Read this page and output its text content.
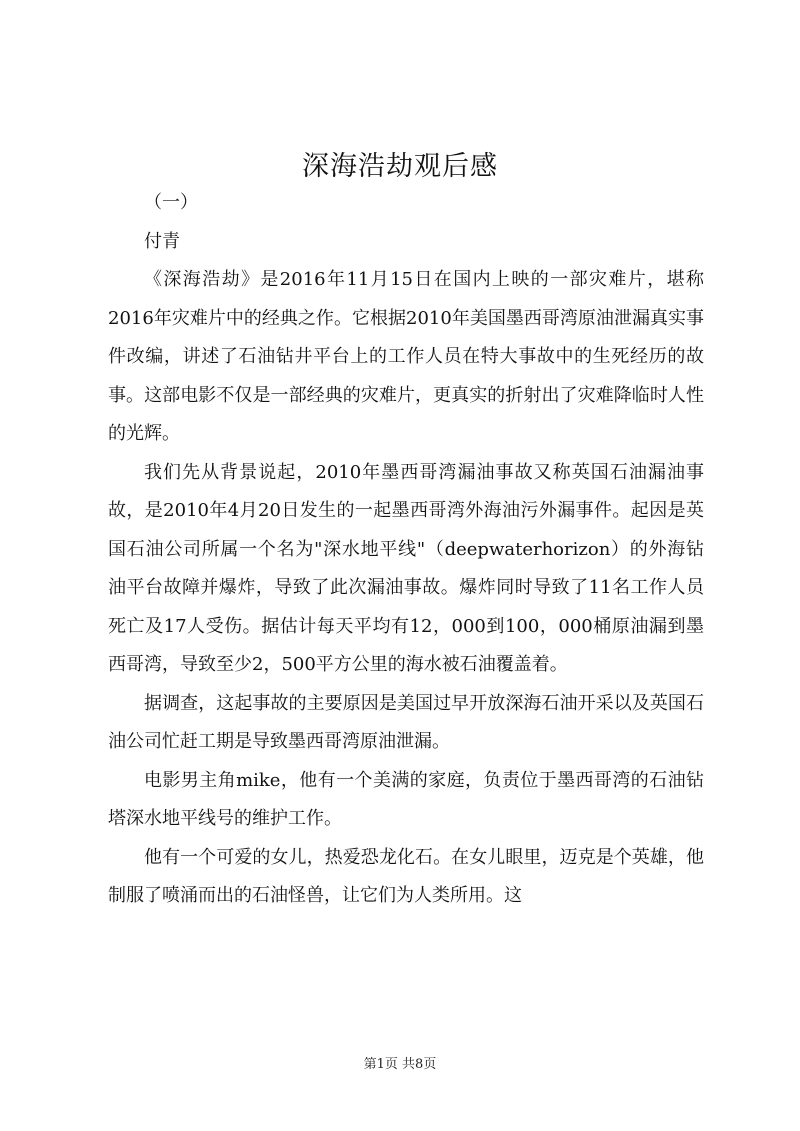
深海浩劫观后感

（一）

付青

《深海浩劫》是2016年11月15日在国内上映的一部灾难片，堪称2016年灾难片中的经典之作。它根据2010年美国墨西哥湾原油泄漏真实事件改编，讲述了石油钻井平台上的工作人员在特大事故中的生死经历的故事。这部电影不仅是一部经典的灾难片，更真实的折射出了灾难降临时人性的光辉。

我们先从背景说起，2010年墨西哥湾漏油事故又称英国石油漏油事故，是2010年4月20日发生的一起墨西哥湾外海油污外漏事件。起因是英国石油公司所属一个名为"深水地平线"（deepwaterhorizon）的外海钻油平台故障并爆炸，导致了此次漏油事故。爆炸同时导致了11名工作人员死亡及17人受伤。据估计每天平均有12，000到100，000桶原油漏到墨西哥湾，导致至少2，500平方公里的海水被石油覆盖着。

据调查，这起事故的主要原因是美国过早开放深海石油开采以及英国石油公司忙赶工期是导致墨西哥湾原油泄漏。

电影男主角mike，他有一个美满的家庭，负责位于墨西哥湾的石油钻塔深水地平线号的维护工作。

他有一个可爱的女儿，热爱恐龙化石。在女儿眼里，迈克是个英雄，他制服了喷涌而出的石油怪兽，让它们为人类所用。这

第1页 共8页
